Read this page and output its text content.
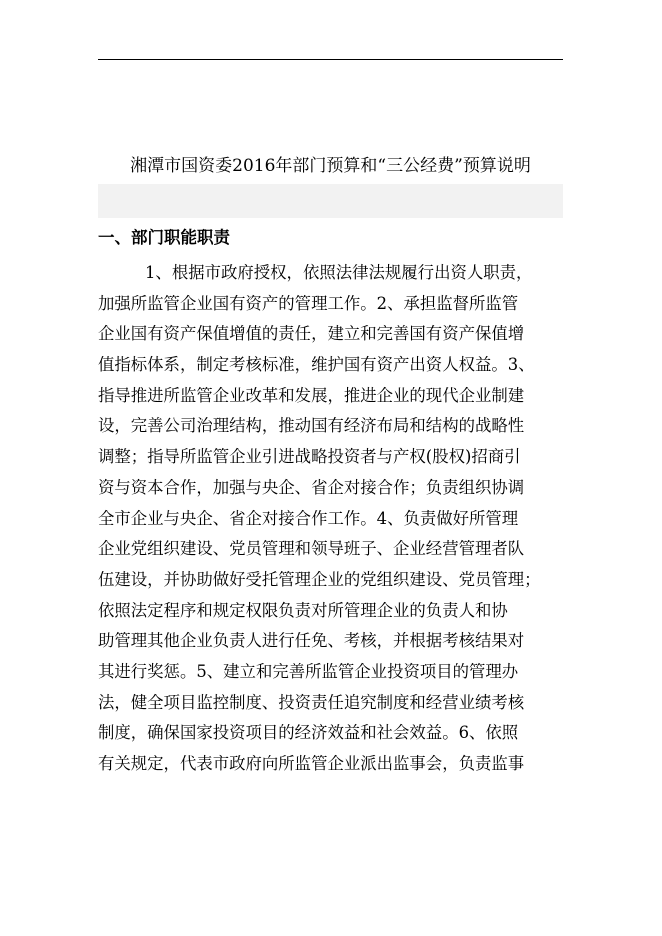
湘潭市国资委2016年部门预算和“三公经费”预算说明
一、部门职能职责
1、根据市政府授权，依照法律法规履行出资人职责，
加强所监管企业国有资产的管理工作。2、承担监督所监管
企业国有资产保值增值的责任，建立和完善国有资产保值增
值指标体系，制定考核标准，维护国有资产出资人权益。3、
指导推进所监管企业改革和发展，推进企业的现代企业制建
设，完善公司治理结构，推动国有经济布局和结构的战略性
调整；指导所监管企业引进战略投资者与产权(股权)招商引
资与资本合作，加强与央企、省企对接合作；负责组织协调
全市企业与央企、省企对接合作工作。4、负责做好所管理
企业党组织建设、党员管理和领导班子、企业经营管理者队
伍建设，并协助做好受托管理企业的党组织建设、党员管理；
依照法定程序和规定权限负责对所管理企业的负责人和协
助管理其他企业负责人进行任免、考核，并根据考核结果对
其进行奖惩。5、建立和完善所监管企业投资项目的管理办
法，健全项目监控制度、投资责任追究制度和经营业绩考核
制度，确保国家投资项目的经济效益和社会效益。6、依照
有关规定，代表市政府向所监管企业派出监事会，负责监事
